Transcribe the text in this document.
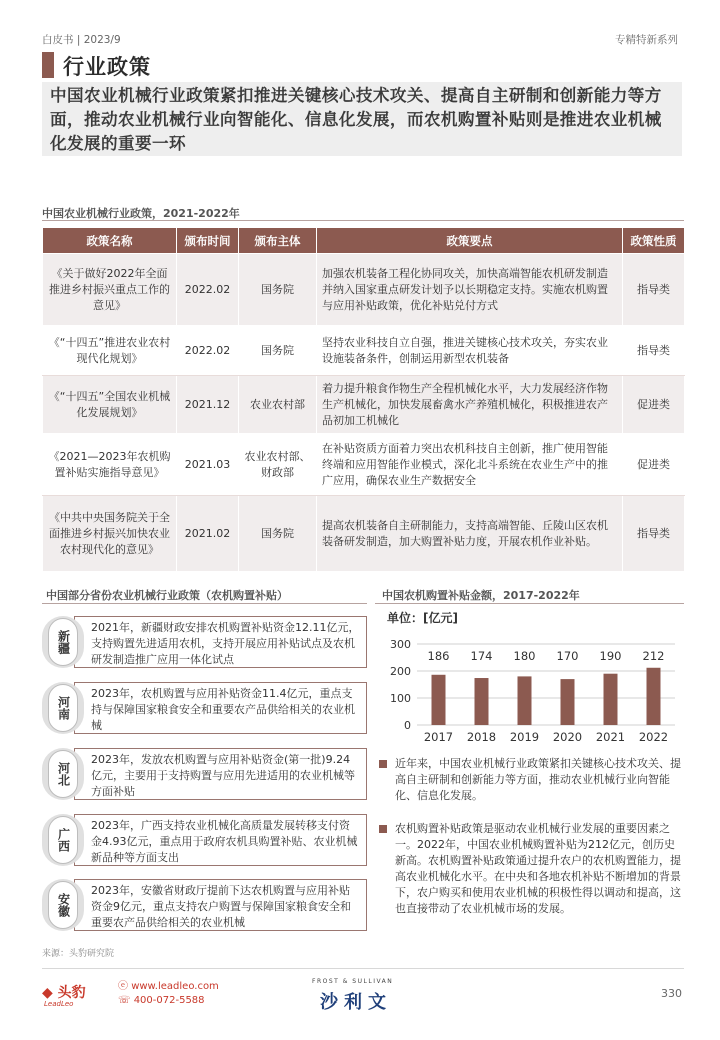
白皮书 | 2023/9	专精特新系列
行业政策

中国农业机械行业政策紧扣推进关键核心技术攻关、提高自主研制和创新能力等方面，推动农业机械行业向智能化、信息化发展，而农机购置补贴则是推进农业机械化发展的重要一环

中国农业机械行业政策，2021-2022年
政策名称	颁布时间	颁布主体	政策要点	政策性质
《关于做好2022年全面推进乡村振兴重点工作的意见》	2022.02	国务院	加强农机装备工程化协同攻关，加快高端智能农机研发制造并纳入国家重点研发计划予以长期稳定支持。实施农机购置与应用补贴政策，优化补贴兑付方式	指导类
《“十四五”推进农业农村现代化规划》	2022.02	国务院	坚持农业科技自立自强，推进关键核心技术攻关，夯实农业设施装备条件，创制运用新型农机装备	指导类
《“十四五”全国农业机械化发展规划》	2021.12	农业农村部	着力提升粮食作物生产全程机械化水平，大力发展经济作物生产机械化，加快发展畜禽水产养殖机械化，积极推进农产品初加工机械化	促进类
《2021—2023年农机购置补贴实施指导意见》	2021.03	农业农村部、财政部	在补贴资质方面着力突出农机科技自主创新，推广使用智能终端和应用智能作业模式，深化北斗系统在农业生产中的推广应用，确保农业生产数据安全	促进类
《中共中央国务院关于全面推进乡村振兴加快农业农村现代化的意见》	2021.02	国务院	提高农机装备自主研制能力，支持高端智能、丘陵山区农机装备研发制造，加大购置补贴力度，开展农机作业补贴。	指导类
中国部分省份农业机械行业政策（农机购置补贴）
新疆
2021年，新疆财政安排农机购置补贴资金12.11亿元，支持购置先进适用农机，支持开展应用补贴试点及农机研发制造推广应用一体化试点
河南
2023年，农机购置与应用补贴资金11.4亿元，重点支持与保障国家粮食安全和重要农产品供给相关的农业机械
河北
2023年，发放农机购置与应用补贴资金(第一批)9.24亿元，主要用于支持购置与应用先进适用的农业机械等方面补贴
广西
2023年，广西支持农业机械化高质量发展转移支付资金4.93亿元，重点用于政府农机具购置补贴、农业机械新品种等方面支出
安徽
2023年，安徽省财政厅提前下达农机购置与应用补贴资金9亿元，重点支持农户购置与保障国家粮食安全和重要农产品供给相关的农业机械
中国农机购置补贴金额，2017-2022年
单位：[亿元]
0
100
200
300
186
2017
174
2018
180
2019
170
2020
190
2021
212
2022
近年来，中国农业机械行业政策紧扣关键核心技术攻关、提高自主研制和创新能力等方面，推动农业机械行业向智能化、信息化发展。
农机购置补贴政策是驱动农业机械行业发展的重要因素之一。2022年，中国农业机械购置补贴为212亿元，创历史新高。农机购置补贴政策通过提升农户的农机购置能力，提高农业机械化水平。在中央和各地农机补贴不断增加的背景下，农户购买和使用农业机械的积极性得以调动和提高，这也直接带动了农业机械市场的发展。
来源：头豹研究院
◆ 头豹
LeadLeo
ⓔ www.leadleo.com
☏ 400-072-5588
FROST & SULLIVAN
沙利文	330
